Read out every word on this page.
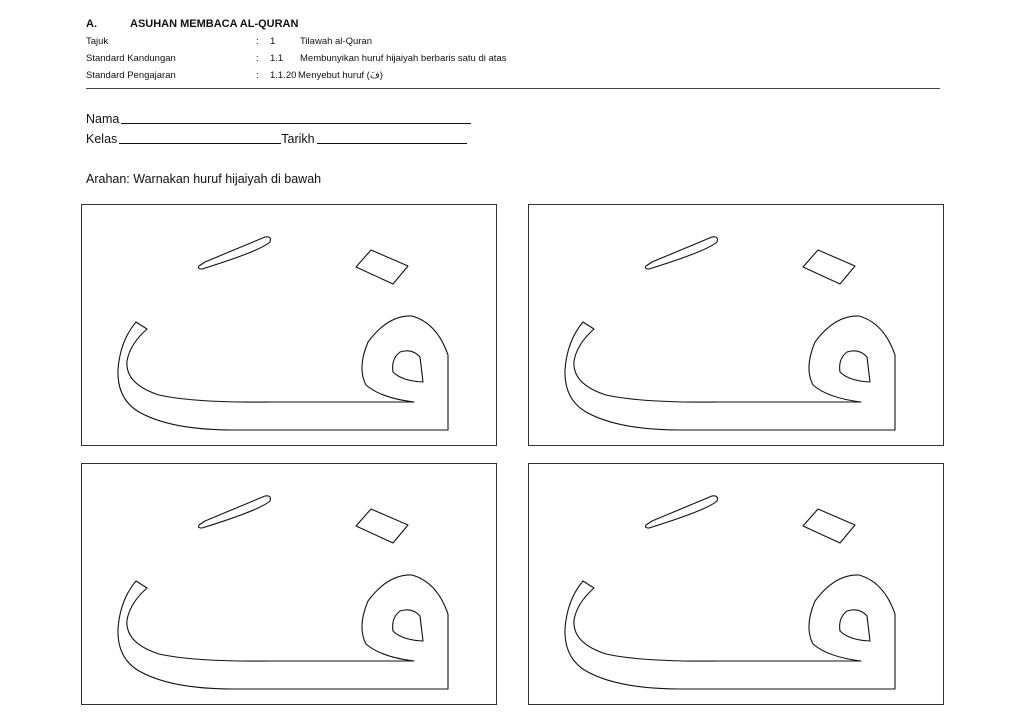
A.	ASUHAN MEMBACA AL-QURAN
Tajuk	:	1	Tilawah al-Quran
Standard Kandungan	:	1.1	Membunyikan huruf hijaiyah berbaris satu di atas
Standard Pengajaran	:	1.1.20 Menyebut huruf (فَ)
Nama
Kelas	Tarikh
Arahan: Warnakan huruf hijaiyah di bawah
